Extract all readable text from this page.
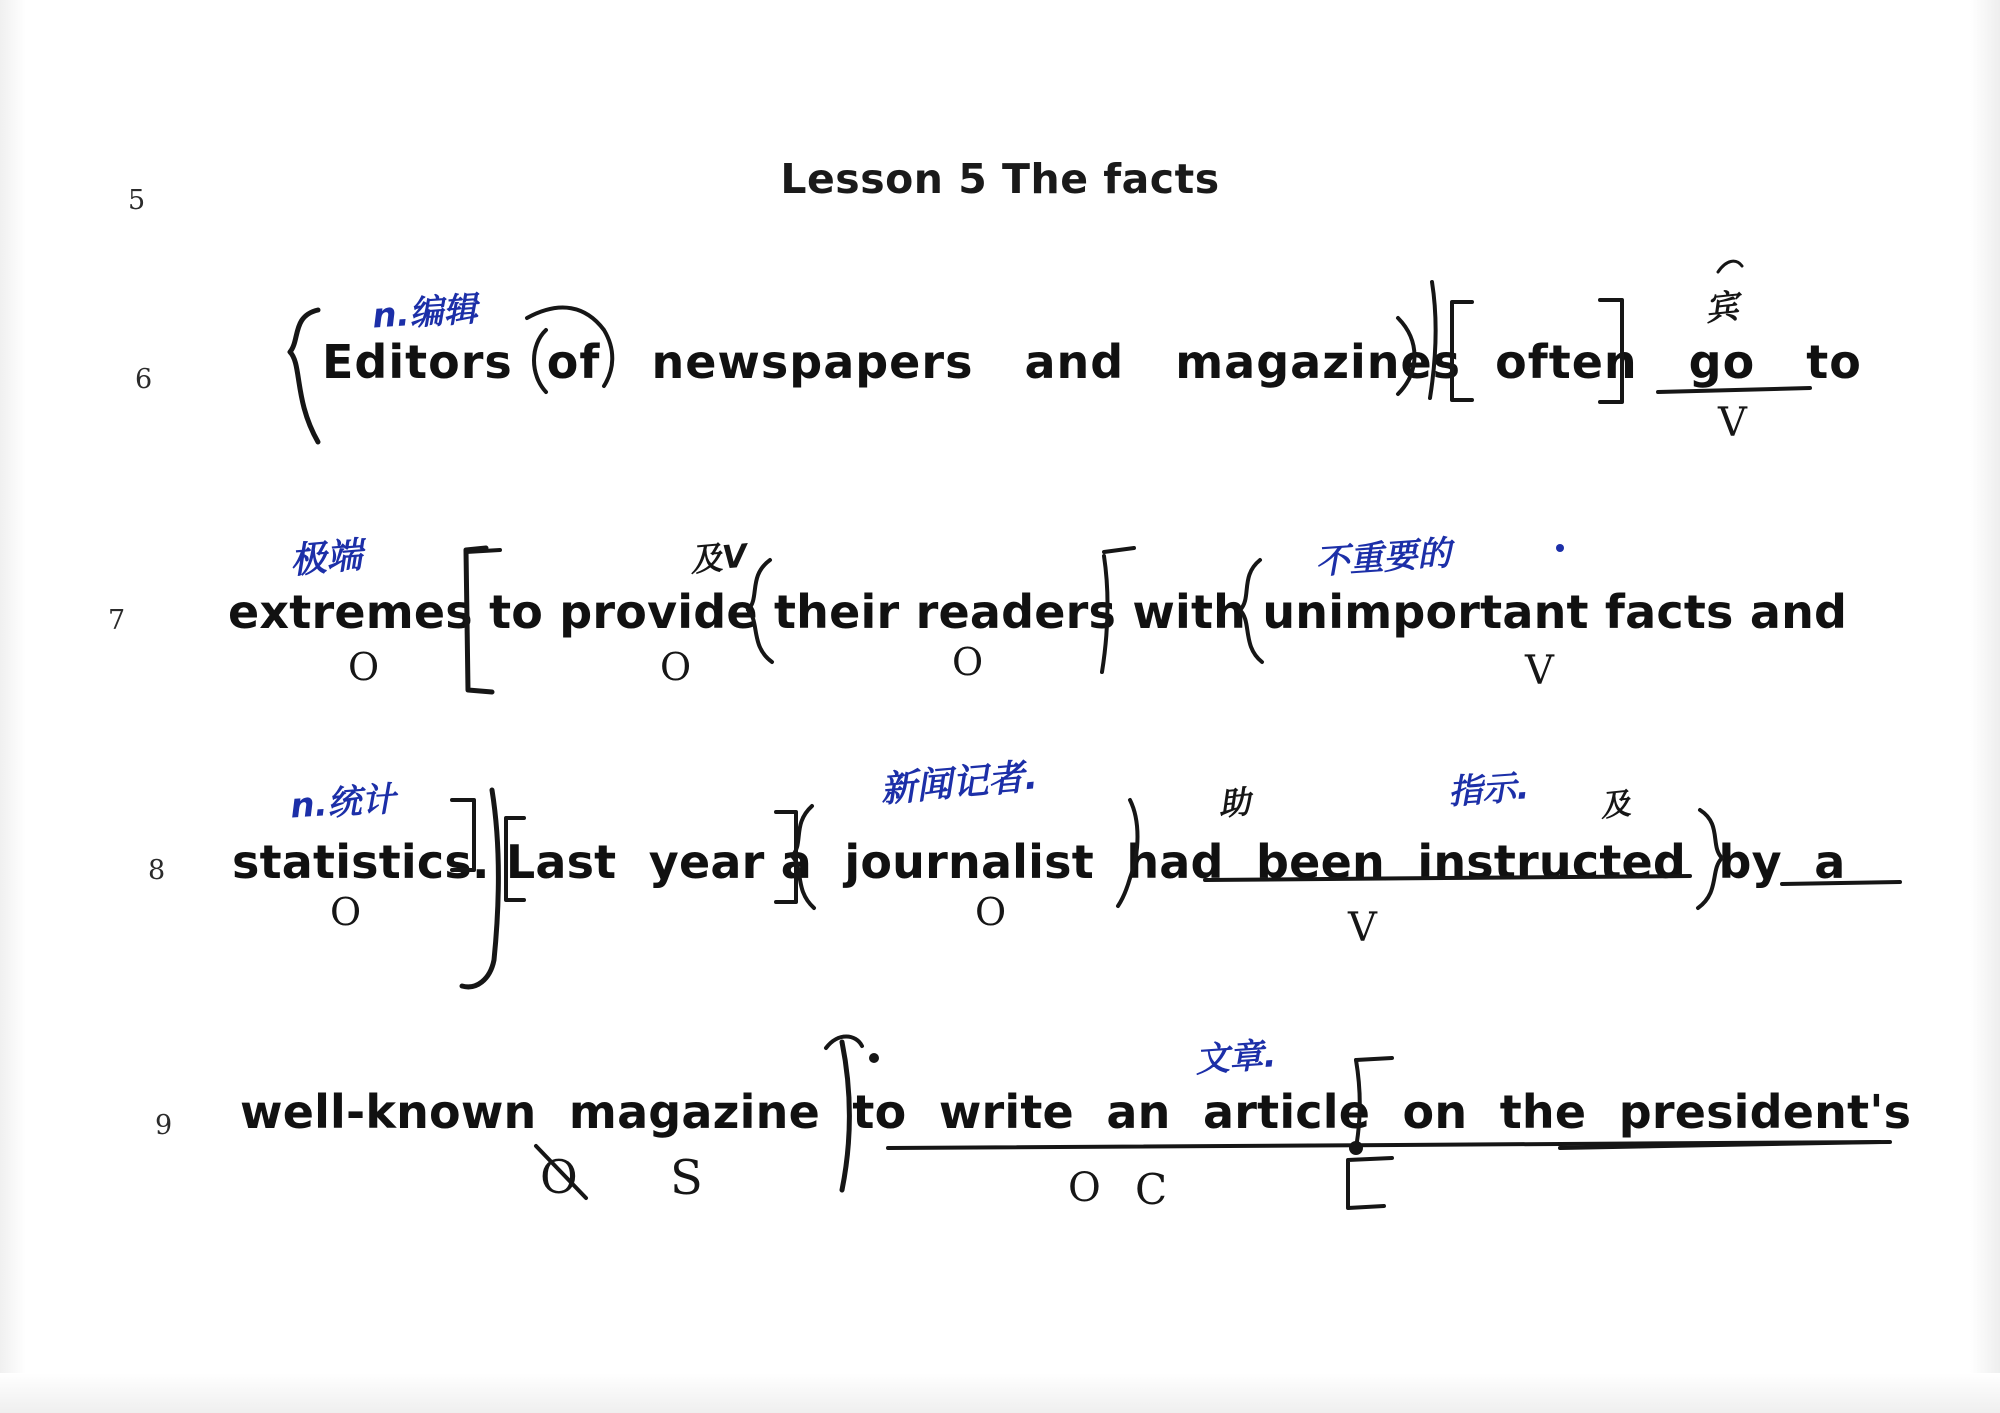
Lesson 5 The facts
5
6
7
8
9
Editors  of   newspapers   and   magazines  often   go   to
extremes to provide their readers with unimportant facts and
statistics. Last  year a  journalist  had  been  instructed  by  a
well-known  magazine  to  write  an  article  on  the  president's
n.编辑	宾
极端	及V	不重要的
n.统计	新闻记者.	助	指示. 及
文章.
O	O	O	V
V
O	O	V
O S	O C
